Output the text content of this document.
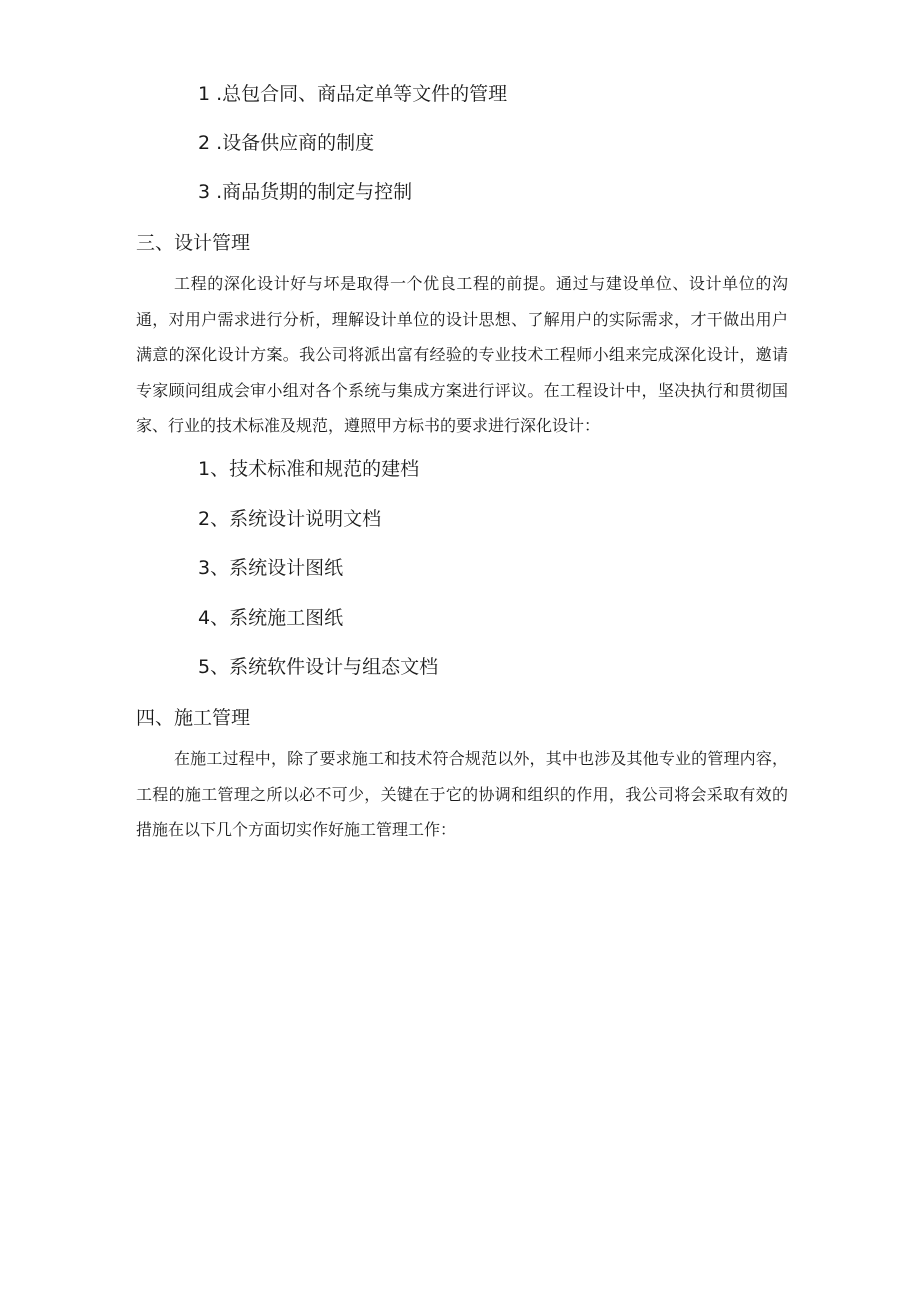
1 .总包合同、商品定单等文件的管理
2 .设备供应商的制度
3 .商品货期的制定与控制
三、设计管理

工程的深化设计好与坏是取得一个优良工程的前提。通过与建设单位、设计单位的沟通，对用户需求进行分析，理解设计单位的设计思想、了解用户的实际需求，才干做出用户满意的深化设计方案。我公司将派出富有经验的专业技术工程师小组来完成深化设计，邀请专家顾问组成会审小组对各个系统与集成方案进行评议。在工程设计中，坚决执行和贯彻国家、行业的技术标准及规范，遵照甲方标书的要求进行深化设计：

1、技术标准和规范的建档
2、系统设计说明文档
3、系统设计图纸
4、系统施工图纸
5、系统软件设计与组态文档
四、施工管理

在施工过程中，除了要求施工和技术符合规范以外，其中也涉及其他专业的管理内容，工程的施工管理之所以必不可少，关键在于它的协调和组织的作用，我公司将会采取有效的措施在以下几个方面切实作好施工管理工作：
